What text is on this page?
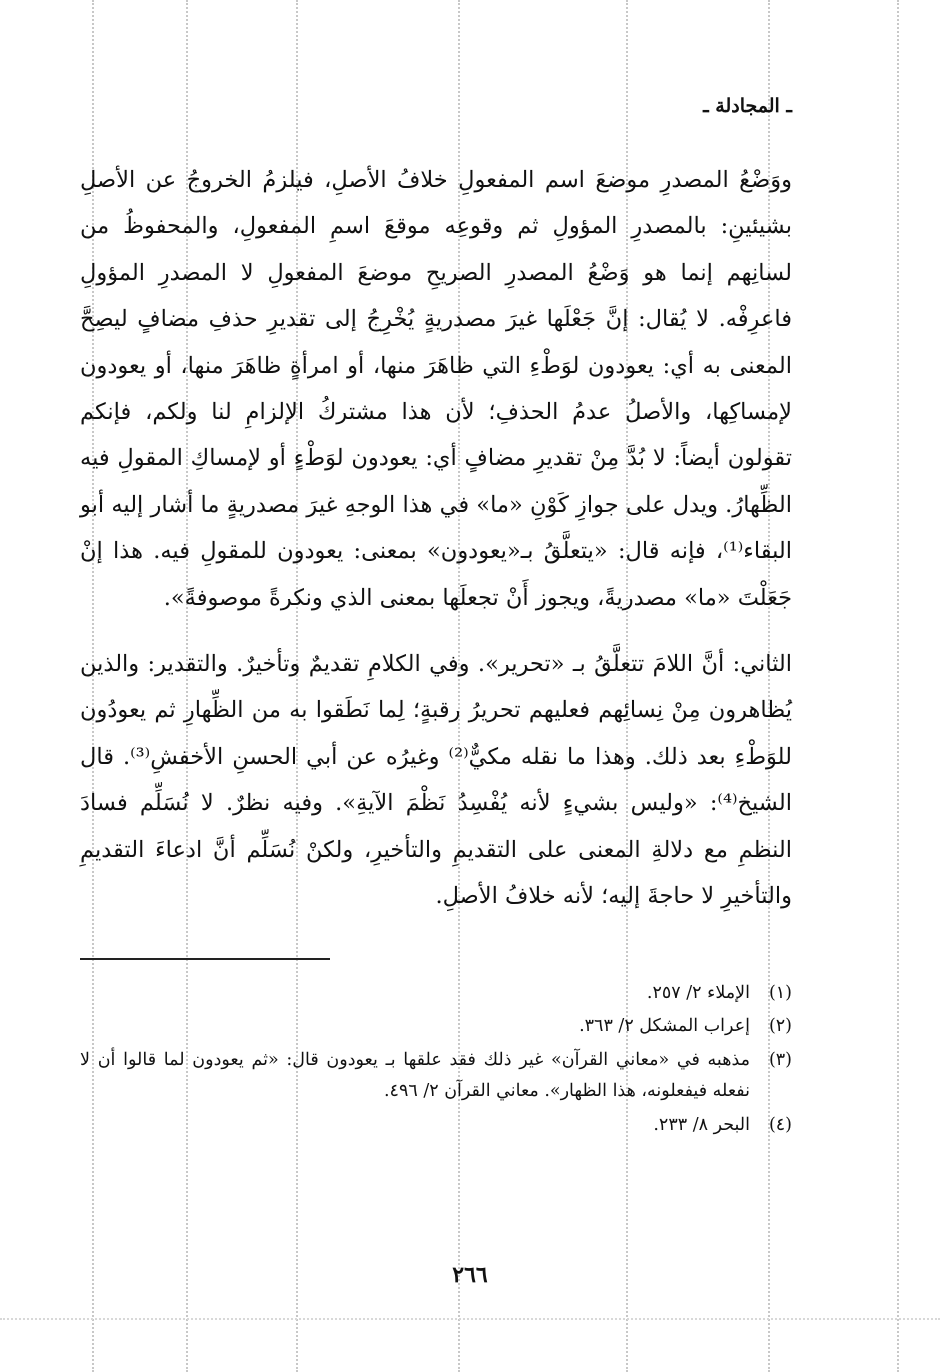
ـ المجادلة ـ

ووَضْعُ المصدرِ موضعَ اسم المفعولِ خلافُ الأصلِ، فيلزمُ الخروجُ عن الأصلِ بشيئينِ: بالمصدرِ المؤولِ ثم وقوعِه موقعَ اسمِ المفعولِ، والمحفوظُ من لسانِهم إنما هو وَضْعُ المصدرِ الصريحِ موضعَ المفعولِ لا المصدرِ المؤولِ فاعرِفْه. لا يُقال: إنَّ جَعْلَها غيرَ مصدريةٍ يُخْرِجُ إلى تقديرِ حذفِ مضافٍ ليصِحَّ المعنى به أي: يعودون لوَطْءِ التي ظاهَرَ منها، أو امرأةٍ ظاهَرَ منها، أو يعودون لإمساكِها، والأصلُ عدمُ الحذفِ؛ لأن هذا مشتركُ الإلزامِ لنا ولكم، فإنكم تقولون أيضاً: لا بُدَّ مِنْ تقديرِ مضافٍ أي: يعودون لوَطْءٍ أو لإمساكِ المقولِ فيه الظِّهارُ. ويدل على جوازِ كَوْنِ «ما» في هذا الوجهِ غيرَ مصدريةٍ ما أشار إليه أبو البقاء⁽¹⁾، فإنه قال: «يتعلَّقُ بـ«يعودون» بمعنى: يعودون للمقولِ فيه. هذا إنْ جَعَلْتَ «ما» مصدريةً، ويجوز أَنْ تجعلَها بمعنى الذي ونكرةً موصوفةً».

الثاني: أنَّ اللامَ تتعلَّقُ بـ «تحرير». وفي الكلامِ تقديمٌ وتأخيرٌ. والتقدير: والذين يُظاهرون مِنْ نِسائِهم فعليهم تحريرُ رقبةٍ؛ لِما نَطَقوا به من الظِّهارِ ثم يعودُون للوَطْءِ بعد ذلك. وهذا ما نقله مكيٌّ⁽²⁾ وغيرُه عن أبي الحسنِ الأخفشِ⁽³⁾. قال الشيخ⁽⁴⁾: «وليس بشيءٍ لأنه يُفْسِدُ نَظْمَ الآيةِ». وفيه نظرٌ. لا نُسَلِّم فسادَ النظمِ مع دلالةِ المعنى على التقديمِ والتأخيرِ، ولكنْ نُسَلِّم أنَّ ادعاءَ التقديمِ والتأخيرِ لا حاجةَ إليه؛ لأنه خلافُ الأصلِ.

(١)
الإملاء ٢/ ٢٥٧.
(٢)
إعراب المشكل ٢/ ٣٦٣.
(٣)
مذهبه في «معاني القرآن» غير ذلك فقد علقها بـ يعودون قال: «ثم يعودون لما قالوا أن لا نفعله فيفعلونه، هذا الظهار». معاني القرآن ٢/ ٤٩٦.
(٤)
البحر ٨/ ٢٣٣.
٢٦٦
